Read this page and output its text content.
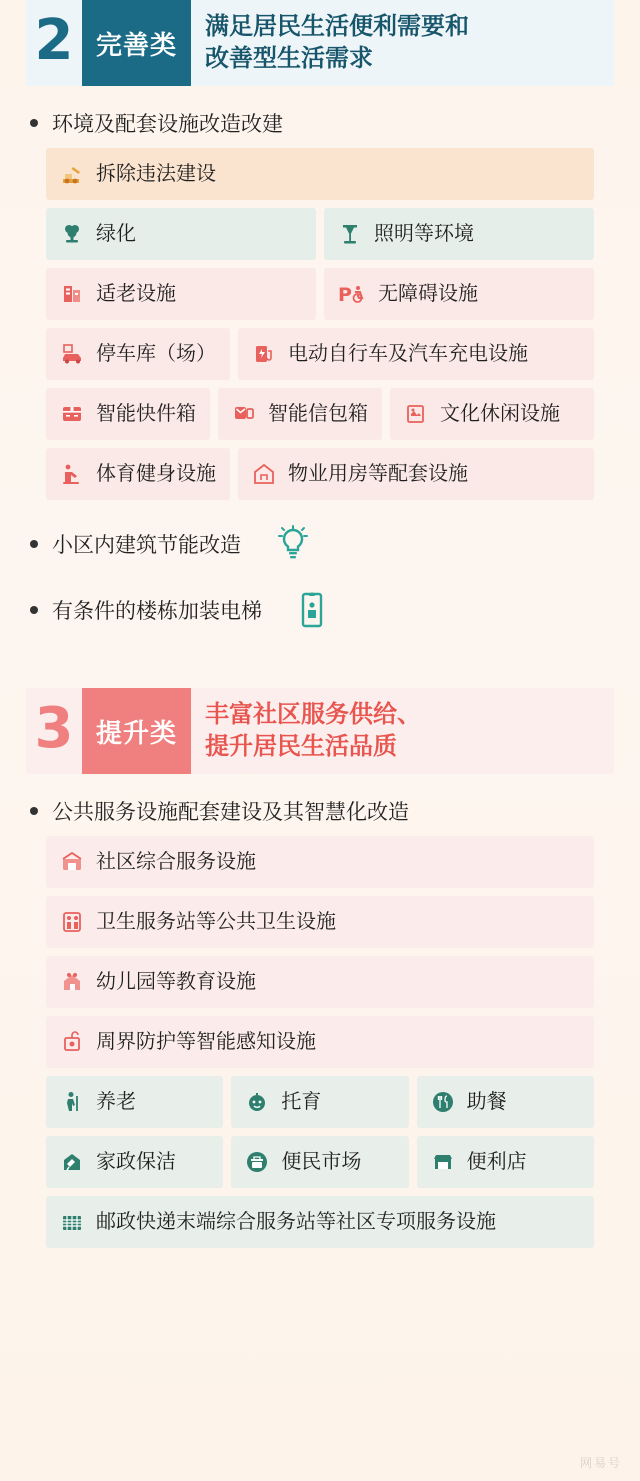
2 完善类
满足居民生活便利需要和
改善型生活需求
环境及配套设施改造改建
拆除违法建设
绿化	照明等环境
适老设施	P 无障碍设施
停车库（场）	电动自行车及汽车充电设施
智能快件箱	智能信包箱	文化休闲设施
体育健身设施	物业用房等配套设施
小区内建筑节能改造
有条件的楼栋加装电梯
3 提升类
丰富社区服务供给、
提升居民生活品质
公共服务设施配套建设及其智慧化改造
社区综合服务设施
卫生服务站等公共卫生设施
幼儿园等教育设施
周界防护等智能感知设施
养老	托育	助餐
家政保洁	便民市场	便利店
邮政快递末端综合服务站等社区专项服务设施
网易号
